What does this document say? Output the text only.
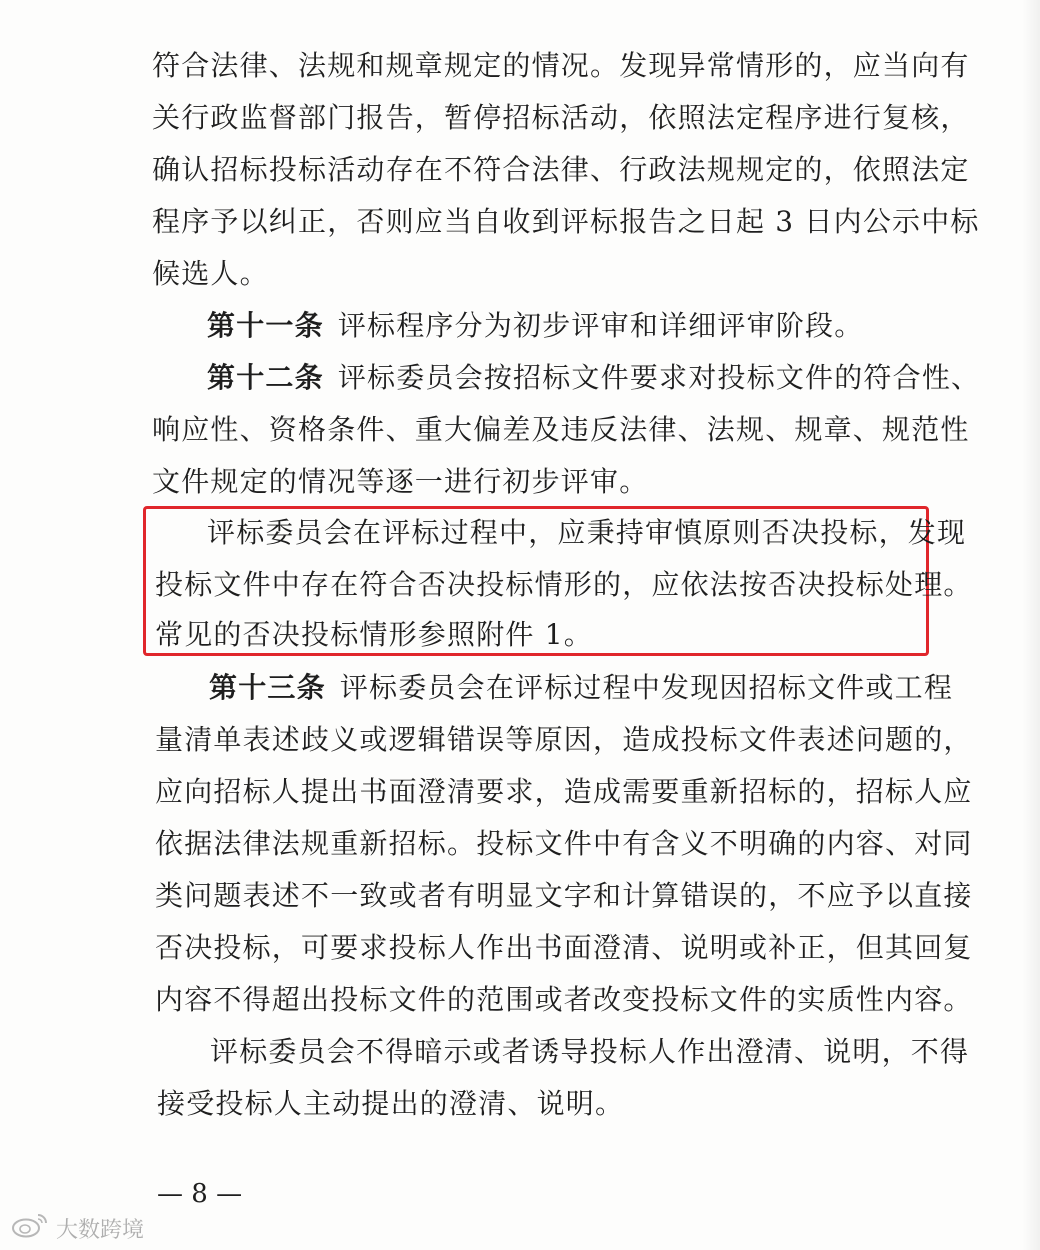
符合法律、法规和规章规定的情况。发现异常情形的，应当向有
关行政监督部门报告，暂停招标活动，依照法定程序进行复核，
确认招标投标活动存在不符合法律、行政法规规定的，依照法定
程序予以纠正，否则应当自收到评标报告之日起 3 日内公示中标
候选人。
第十一条 评标程序分为初步评审和详细评审阶段。
第十二条 评标委员会按招标文件要求对投标文件的符合性、
响应性、资格条件、重大偏差及违反法律、法规、规章、规范性
文件规定的情况等逐一进行初步评审。
评标委员会在评标过程中，应秉持审慎原则否决投标，发现
投标文件中存在符合否决投标情形的，应依法按否决投标处理。
常见的否决投标情形参照附件 1。
第十三条 评标委员会在评标过程中发现因招标文件或工程
量清单表述歧义或逻辑错误等原因，造成投标文件表述问题的，
应向招标人提出书面澄清要求，造成需要重新招标的，招标人应
依据法律法规重新招标。投标文件中有含义不明确的内容、对同
类问题表述不一致或者有明显文字和计算错误的，不应予以直接
否决投标，可要求投标人作出书面澄清、说明或补正，但其回复
内容不得超出投标文件的范围或者改变投标文件的实质性内容。
评标委员会不得暗示或者诱导投标人作出澄清、说明，不得
接受投标人主动提出的澄清、说明。
— 8 —
大数跨境
